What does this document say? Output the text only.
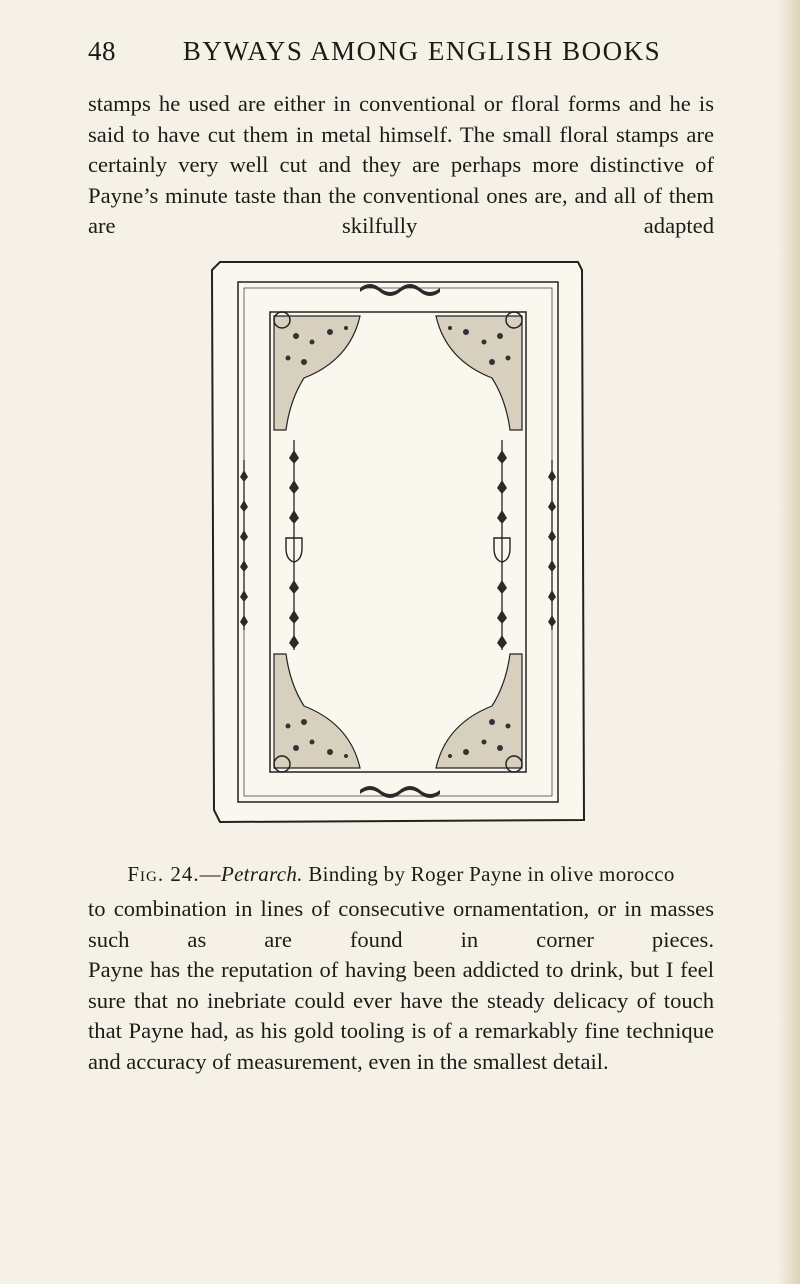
48	BYWAYS AMONG ENGLISH BOOKS

stamps he used are either in conventional or floral forms and he is said to have cut them in metal himself. The small floral stamps are certainly very well cut and they are perhaps more distinctive of Payne’s minute taste than the conventional ones are, and all of them are skilfully adapted

Fig. 24.—Petrarch. Binding by Roger Payne in olive morocco

to combination in lines of consecutive ornamentation, or in masses such as are found in corner pieces.

Payne has the reputation of having been addicted to drink, but I feel sure that no inebriate could ever have the steady delicacy of touch that Payne had, as his gold tooling is of a remarkably fine technique and accuracy of measurement, even in the smallest detail.
